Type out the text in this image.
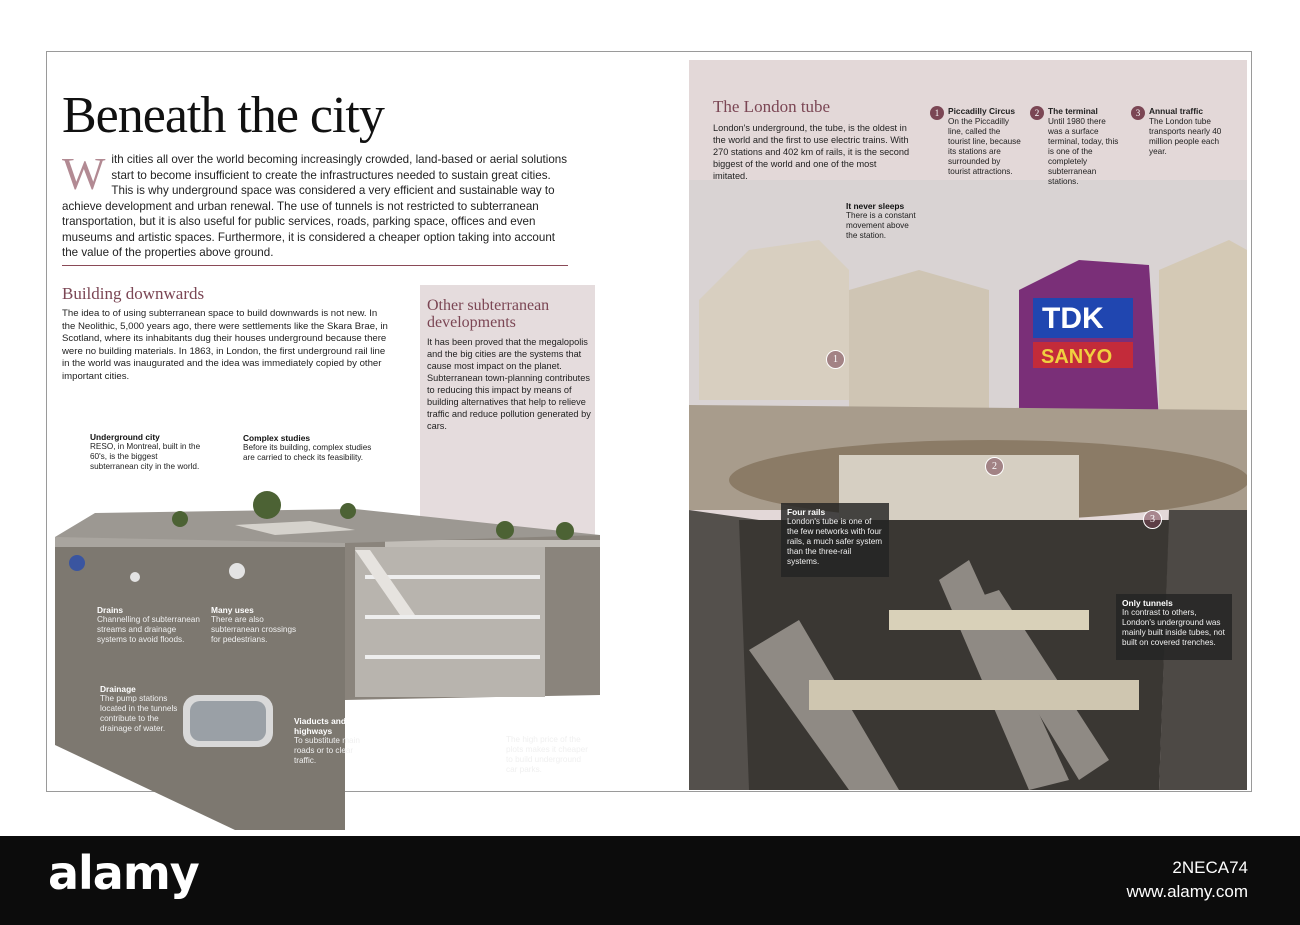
Beneath the city

With cities all over the world becoming increasingly crowded, land-based or aerial solutions start to become insufficient to create the infrastructures needed to sustain great cities. This is why underground space was considered a very efficient and sustainable way to achieve development and urban renewal. The use of tunnels is not restricted to subterranean transportation, but it is also useful for public services, roads, parking space, offices and even museums and artistic spaces. Furthermore, it is considered a cheaper option taking into account the value of the properties above ground.

Building downwards

The idea to of using subterranean space to build downwards is not new. In the Neolithic, 5,000 years ago, there were settlements like the Skara Brae, in Scotland, where its inhabitants dug their houses underground because there were no building materials. In 1863, in London, the first underground rail line in the world was inaugurated and the idea was immediately copied by other important cities.

Other subterranean developments

It has been proved that the megalopolis and the big cities are the systems that cause most impact on the planet. Subterranean town-planning contributes to reducing this impact by means of building alternatives that help to relieve traffic and reduce pollution generated by cars.

Underground city
RESO, in Montreal, built in the 60's, is the biggest subterranean city in the world.
Complex studies
Before its building, complex studies are carried to check its feasibility.
Drains
Channelling of subterranean streams and drainage systems to avoid floods.
Many uses
There are also subterranean crossings for pedestrians.
Drainage
The pump stations located in the tunnels contribute to the drainage of water.
Viaducts and highways
To substitute main roads or to clear traffic.
Parking lots
The high price of the plots makes it cheaper to build underground car parks.
TDK
SANYO
The London tube

London's underground, the tube, is the oldest in the world and the first to use electric trains. With 270 stations and 402 km of rails, it is the second biggest of the world and one of the most imitated.

1 Piccadilly Circus
On the Piccadilly line, called the tourist line, because its stations are surrounded by tourist attractions.
2 The terminal
Until 1980 there was a surface terminal, today, this is one of the completely subterranean stations.
3 Annual traffic
The London tube transports nearly 40 million people each year.
It never sleeps
There is a constant movement above the station.
Four rails
London's tube is one of the few networks with four rails, a much safer system than the three-rail systems.
Only tunnels
In contrast to others, London's underground was mainly built inside tubes, not built on covered trenches.
1
2
3
alamy	2NECA74
www.alamy.com
